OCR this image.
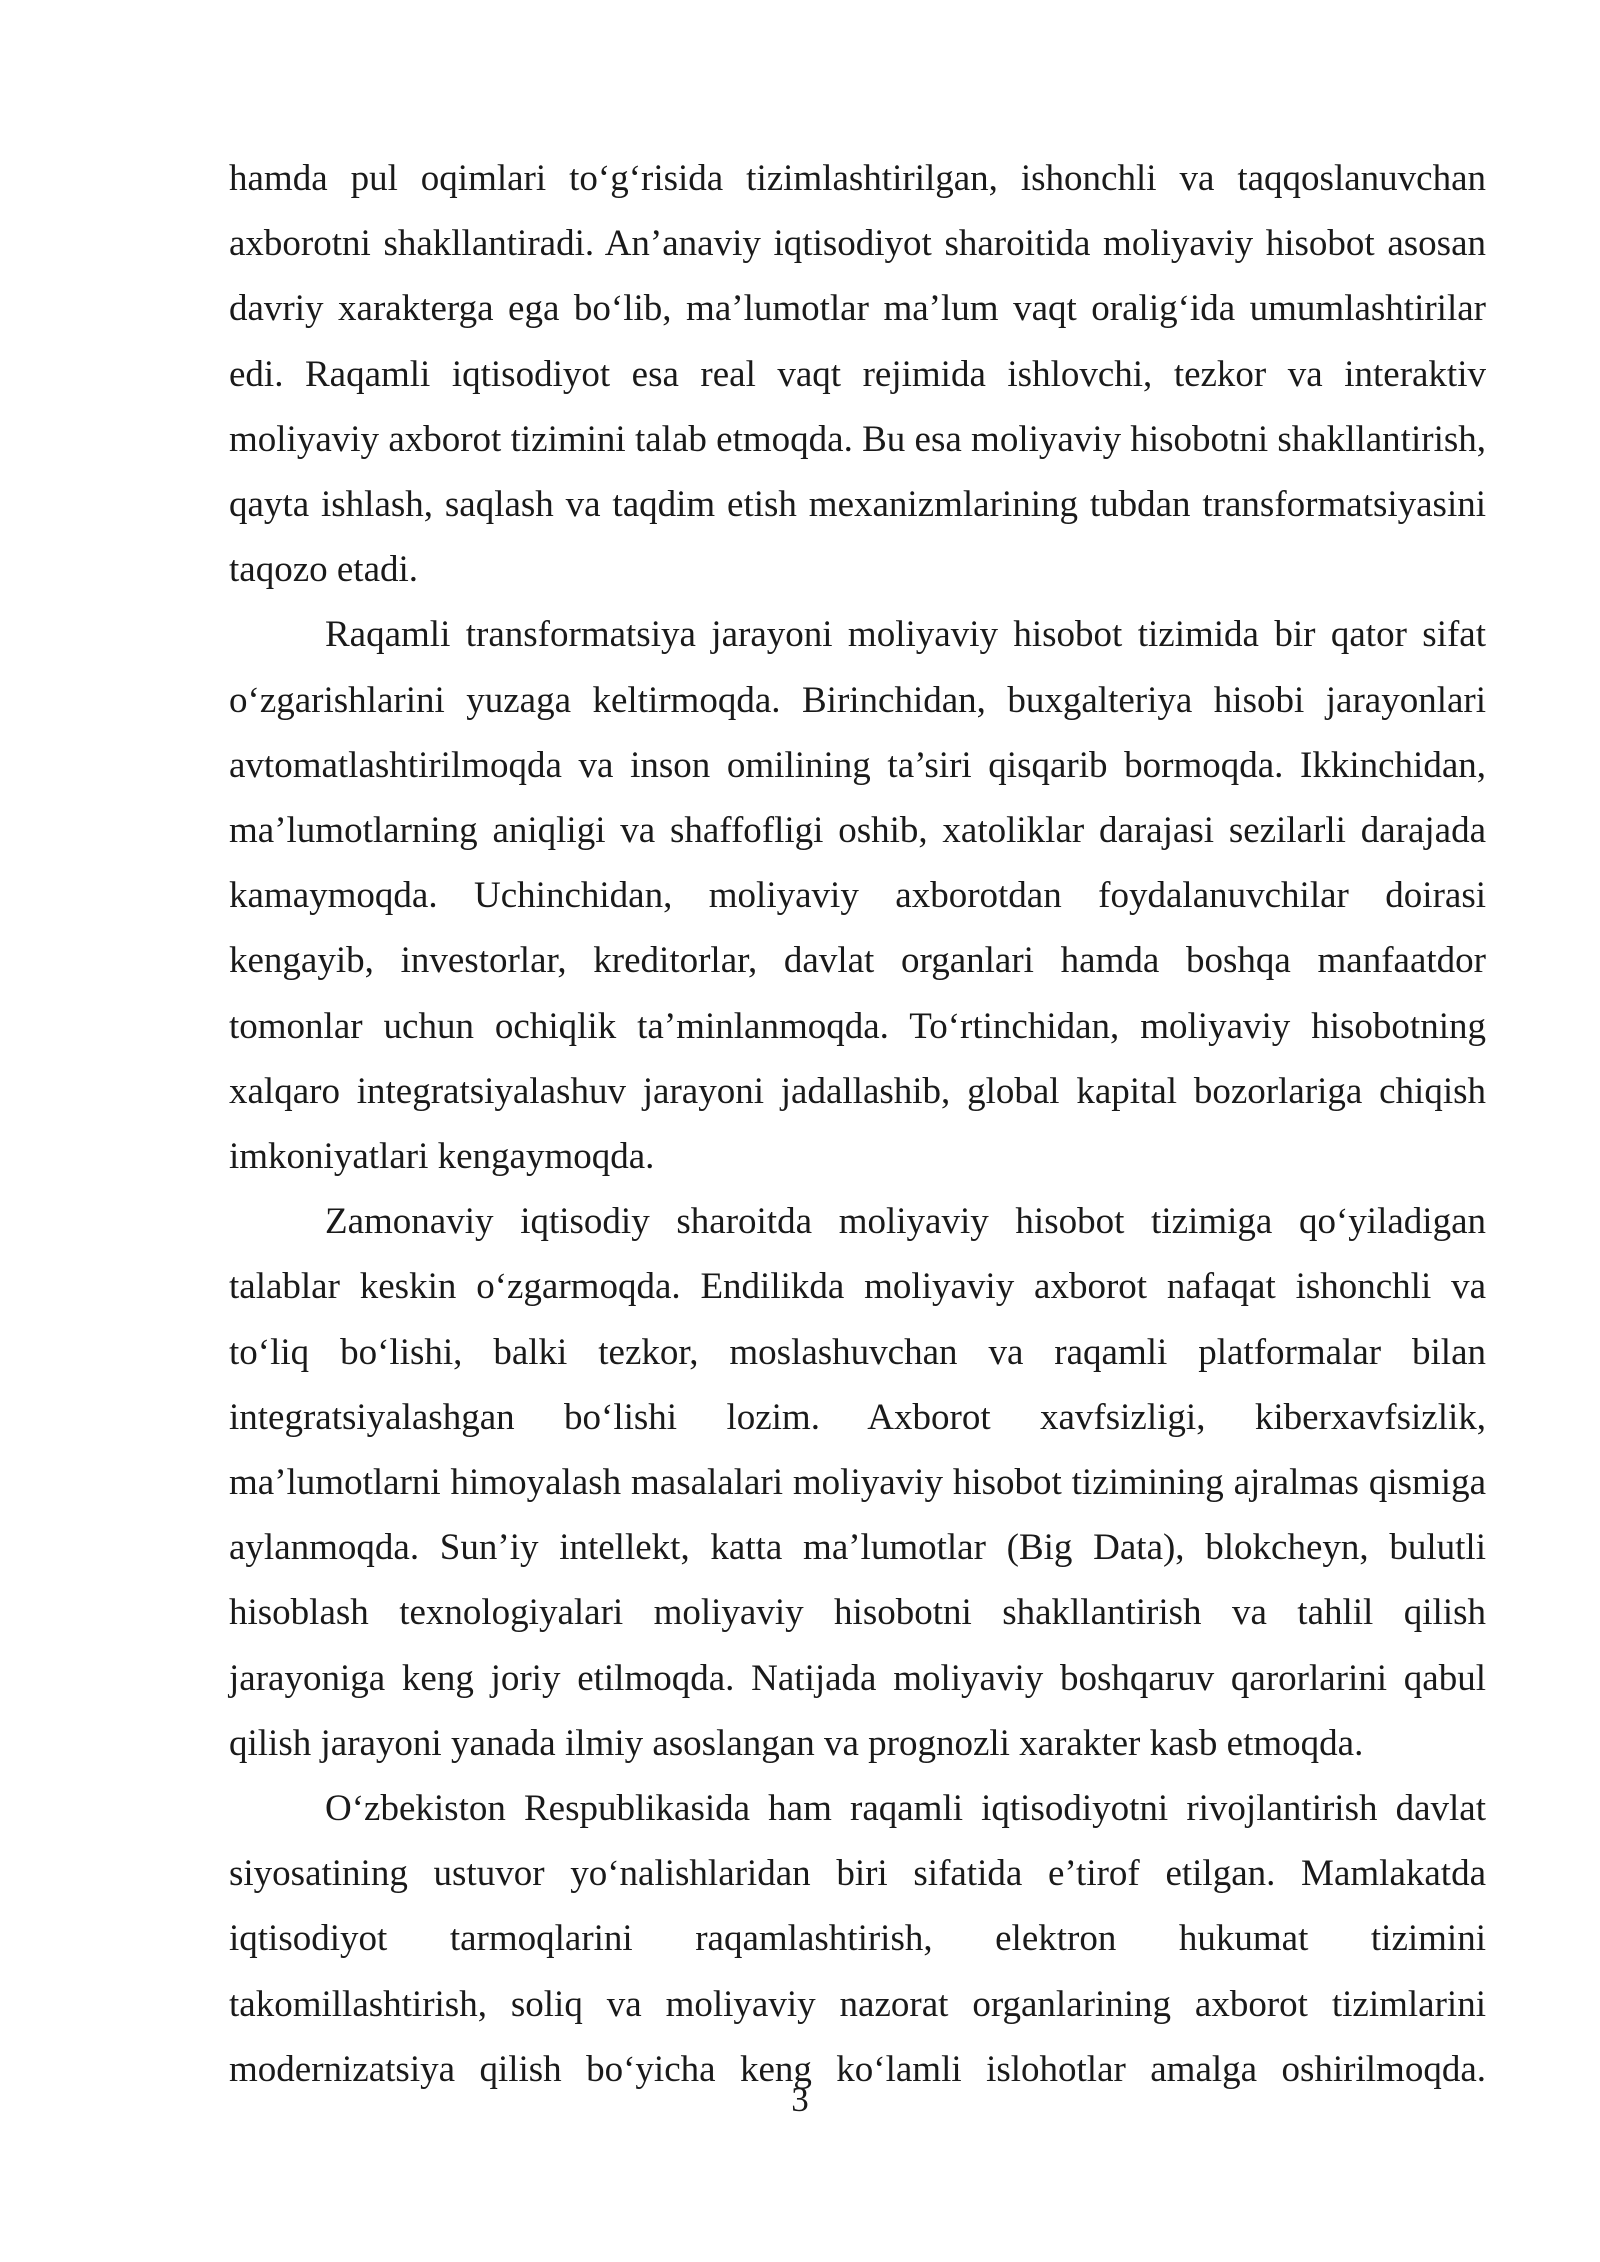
hamda pul oqimlari to‘g‘risida tizimlashtirilgan, ishonchli va taqqoslanuvchan axborotni shakllantiradi. An’anaviy iqtisodiyot sharoitida moliyaviy hisobot asosan davriy xarakterga ega bo‘lib, ma’lumotlar ma’lum vaqt oralig‘ida umumlashtirilar edi. Raqamli iqtisodiyot esa real vaqt rejimida ishlovchi, tezkor va interaktiv moliyaviy axborot tizimini talab etmoqda. Bu esa moliyaviy hisobotni shakllantirish, qayta ishlash, saqlash va taqdim etish mexanizmlarining tubdan transformatsiyasini taqozo etadi.

Raqamli transformatsiya jarayoni moliyaviy hisobot tizimida bir qator sifat o‘zgarishlarini yuzaga keltirmoqda. Birinchidan, buxgalteriya hisobi jarayonlari avtomatlashtirilmoqda va inson omilining ta’siri qisqarib bormoqda. Ikkinchidan, ma’lumotlarning aniqligi va shaffofligi oshib, xatoliklar darajasi sezilarli darajada kamaymoqda. Uchinchidan, moliyaviy axborotdan foydalanuvchilar doirasi kengayib, investorlar, kreditorlar, davlat organlari hamda boshqa manfaatdor tomonlar uchun ochiqlik ta’minlanmoqda. To‘rtinchidan, moliyaviy hisobotning xalqaro integratsiyalashuv jarayoni jadallashib, global kapital bozorlariga chiqish imkoniyatlari kengaymoqda.

Zamonaviy iqtisodiy sharoitda moliyaviy hisobot tizimiga qo‘yiladigan talablar keskin o‘zgarmoqda. Endilikda moliyaviy axborot nafaqat ishonchli va to‘liq bo‘lishi, balki tezkor, moslashuvchan va raqamli platformalar bilan integratsiyalashgan bo‘lishi lozim. Axborot xavfsizligi, kiberxavfsizlik, ma’lumotlarni himoyalash masalalari moliyaviy hisobot tizimining ajralmas qismiga aylanmoqda. Sun’iy intellekt, katta ma’lumotlar (Big Data), blokcheyn, bulutli hisoblash texnologiyalari moliyaviy hisobotni shakllantirish va tahlil qilish jarayoniga keng joriy etilmoqda. Natijada moliyaviy boshqaruv qarorlarini qabul qilish jarayoni yanada ilmiy asoslangan va prognozli xarakter kasb etmoqda.

O‘zbekiston Respublikasida ham raqamli iqtisodiyotni rivojlantirish davlat siyosatining ustuvor yo‘nalishlaridan biri sifatida e’tirof etilgan. Mamlakatda iqtisodiyot tarmoqlarini raqamlashtirish, elektron hukumat tizimini takomillashtirish, soliq va moliyaviy nazorat organlarining axborot tizimlarini modernizatsiya qilish bo‘yicha keng ko‘lamli islohotlar amalga oshirilmoqda.

3
